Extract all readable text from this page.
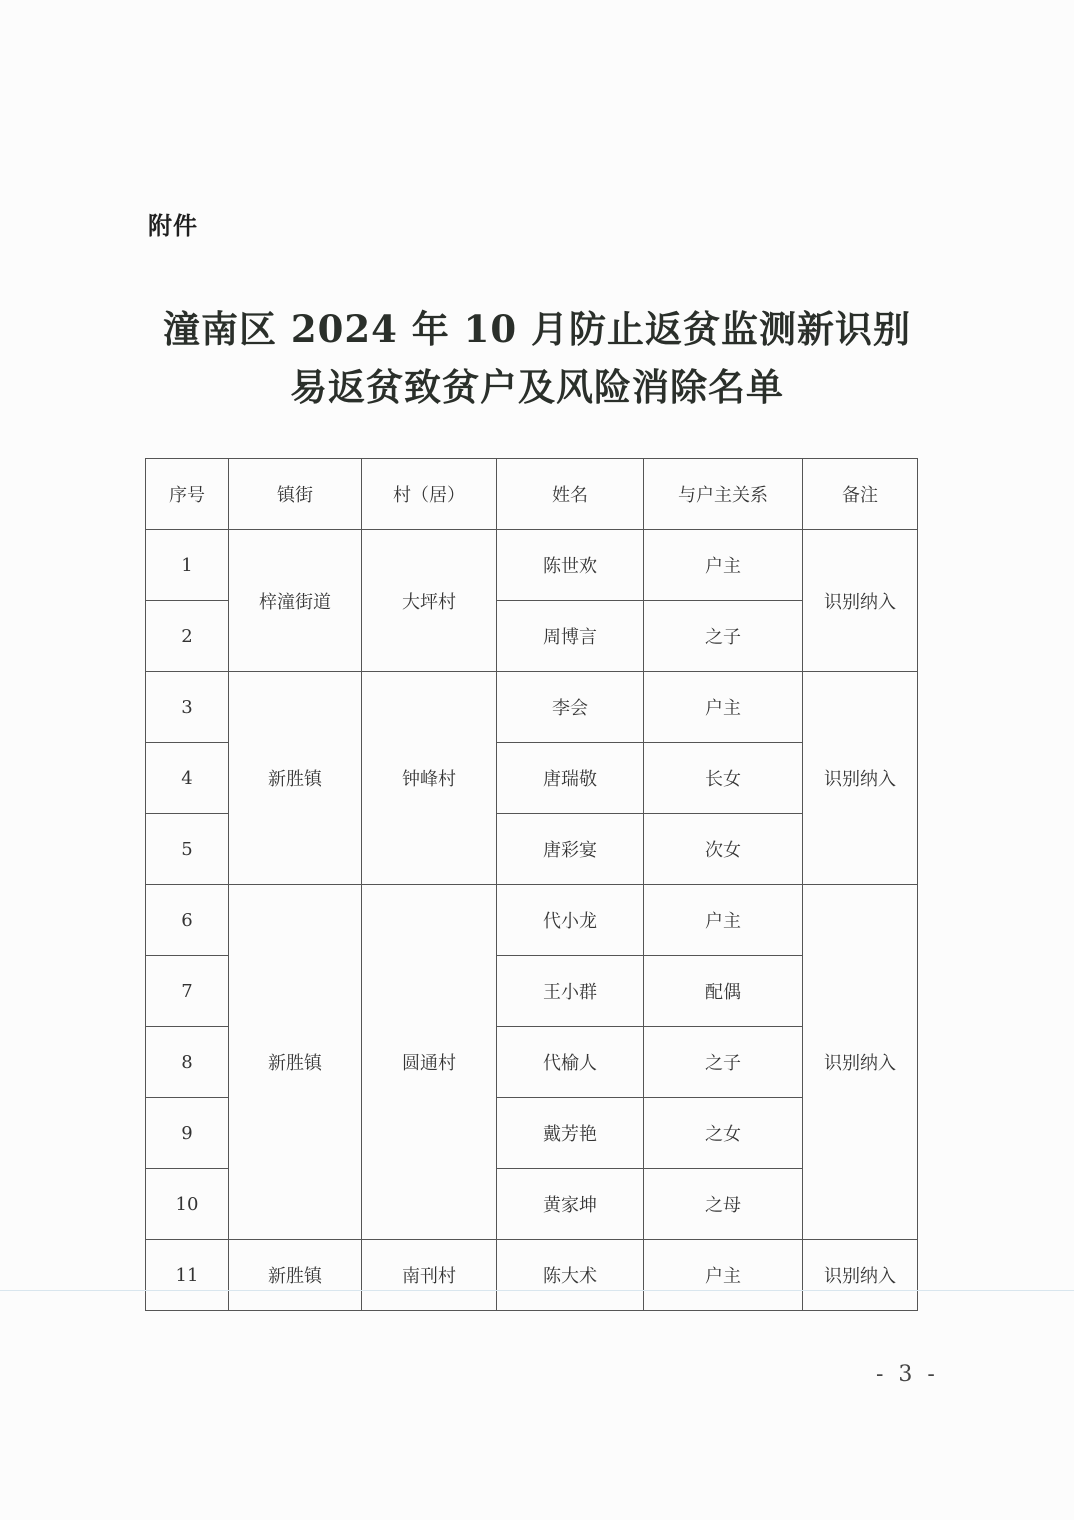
附件
潼南区 2024 年 10 月防止返贫监测新识别
易返贫致贫户及风险消除名单
序号	镇街	村（居）	姓名	与户主关系	备注
1	梓潼街道	大坪村	陈世欢	户主	识别纳入
2			周博言	之子	
3	新胜镇	钟峰村	李会	户主	识别纳入
4			唐瑞敬	长女	
5			唐彩宴	次女	
6	新胜镇	圆通村	代小龙	户主	识别纳入
7			王小群	配偶	
8			代榆人	之子	
9			戴芳艳	之女	
10			黄家坤	之母	
11	新胜镇	南刊村	陈大术	户主	识别纳入
- 3 -
